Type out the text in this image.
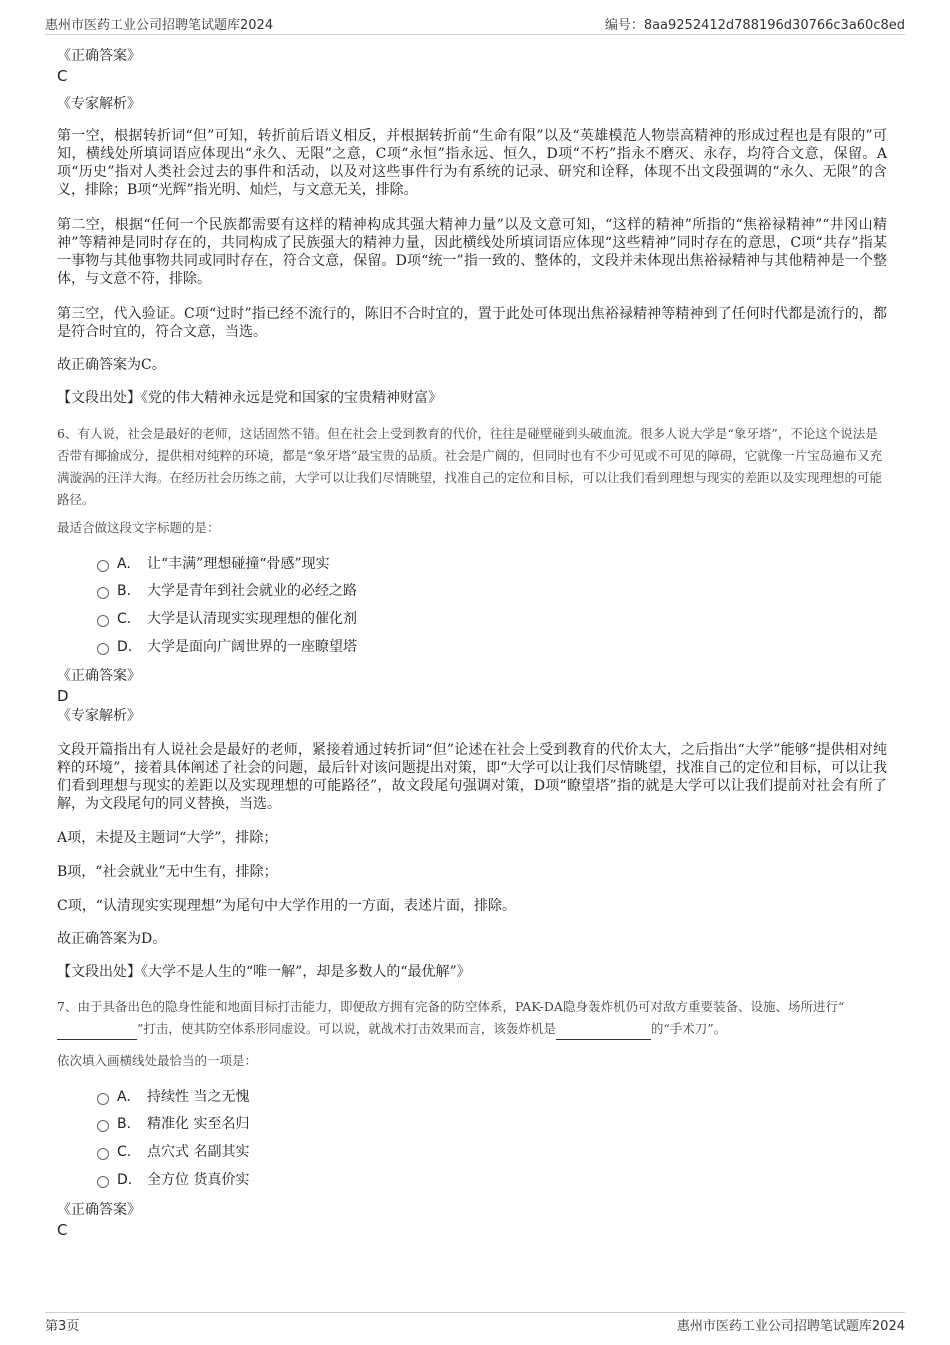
惠州市医药工业公司招聘笔试题库2024	编号：8aa9252412d788196d30766c3a60c8ed
《正确答案》
C
《专家解析》
第一空，根据转折词“但”可知，转折前后语义相反，并根据转折前“生命有限”以及“英雄模范人物崇高精神的形成过程也是有限的”可知，横线处所填词语应体现出“永久、无限”之意，C项“永恒”指永远、恒久，D项“不朽”指永不磨灭、永存，均符合文意，保留。A项“历史”指对人类社会过去的事件和活动，以及对这些事件行为有系统的记录、研究和诠释，体现不出文段强调的“永久、无限”的含义，排除；B项“光辉”指光明、灿烂，与文意无关，排除。
第二空，根据“任何一个民族都需要有这样的精神构成其强大精神力量”以及文意可知，“这样的精神”所指的“焦裕禄精神”“井冈山精神”等精神是同时存在的，共同构成了民族强大的精神力量，因此横线处所填词语应体现“这些精神”同时存在的意思，C项“共存”指某一事物与其他事物共同或同时存在，符合文意，保留。D项“统一”指一致的、整体的，文段并未体现出焦裕禄精神与其他精神是一个整体，与文意不符，排除。
第三空，代入验证。C项“过时”指已经不流行的，陈旧不合时宜的，置于此处可体现出焦裕禄精神等精神到了任何时代都是流行的，都是符合时宜的，符合文意，当选。
故正确答案为C。
【文段出处】《党的伟大精神永远是党和国家的宝贵精神财富》
6、有人说，社会是最好的老师，这话固然不错。但在社会上受到教育的代价，往往是碰壁碰到头破血流。很多人说大学是“象牙塔”，不论这个说法是否带有揶揄成分，提供相对纯粹的环境，都是“象牙塔”最宝贵的品质。社会是广阔的，但同时也有不少可见或不可见的障碍，它就像一片宝岛遍布又充满漩涡的汪洋大海。在经历社会历练之前，大学可以让我们尽情眺望，找准自己的定位和目标，可以让我们看到理想与现实的差距以及实现理想的可能路径。
最适合做这段文字标题的是：
A. 让“丰满”理想碰撞“骨感”现实
B. 大学是青年到社会就业的必经之路
C. 大学是认清现实实现理想的催化剂
D. 大学是面向广阔世界的一座瞭望塔
《正确答案》
D
《专家解析》
文段开篇指出有人说社会是最好的老师，紧接着通过转折词“但”论述在社会上受到教育的代价太大，之后指出“大学”能够“提供相对纯粹的环境”，接着具体阐述了社会的问题，最后针对该问题提出对策，即“大学可以让我们尽情眺望，找准自己的定位和目标，可以让我们看到理想与现实的差距以及实现理想的可能路径”，故文段尾句强调对策，D项“瞭望塔”指的就是大学可以让我们提前对社会有所了解，为文段尾句的同义替换，当选。
A项，未提及主题词“大学”，排除；
B项，“社会就业”无中生有，排除；
C项，“认清现实实现理想”为尾句中大学作用的一方面，表述片面，排除。
故正确答案为D。
【文段出处】《大学不是人生的“唯一解”，却是多数人的“最优解”》
7、由于具备出色的隐身性能和地面目标打击能力，即便敌方拥有完备的防空体系，PAK-DA隐身轰炸机仍可对敌方重要装备、设施、场所进行“”打击，使其防空体系形同虚设。可以说，就战术打击效果而言，该轰炸机是	的“手术刀”。
依次填入画横线处最恰当的一项是：
A. 持续性 当之无愧
B. 精准化 实至名归
C. 点穴式 名副其实
D. 全方位 货真价实
《正确答案》
C
第3页	惠州市医药工业公司招聘笔试题库2024
